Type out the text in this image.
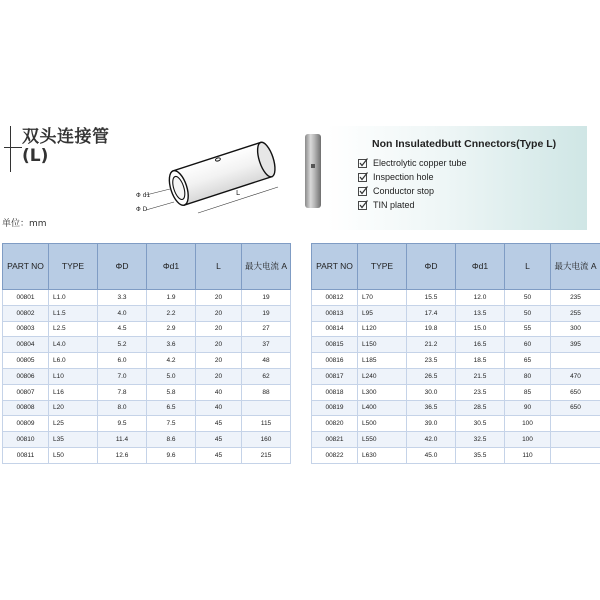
双头连接管
(L)
单位：mm
Φ d1
Φ D
L
Non Insulatedbutt Cnnectors(Type L)
Electrolytic copper tube
Inspection hole
Conductor stop
TIN plated
PART NO	TYPE	ΦD	Φd1	L	最大电流 A
00801	L1.0	3.3	1.9	20	19
00802	L1.5	4.0	2.2	20	19
00803	L2.5	4.5	2.9	20	27
00804	L4.0	5.2	3.6	20	37
00805	L6.0	6.0	4.2	20	48
00806	L10	7.0	5.0	20	62
00807	L16	7.8	5.8	40	88
00808	L20	8.0	6.5	40	
00809	L25	9.5	7.5	45	115
00810	L35	11.4	8.6	45	160
00811	L50	12.6	9.6	45	215
PART NO	TYPE	ΦD	Φd1	L	最大电流 A
00812	L70	15.5	12.0	50	235
00813	L95	17.4	13.5	50	255
00814	L120	19.8	15.0	55	300
00815	L150	21.2	16.5	60	395
00816	L185	23.5	18.5	65	
00817	L240	26.5	21.5	80	470
00818	L300	30.0	23.5	85	650
00819	L400	36.5	28.5	90	650
00820	L500	39.0	30.5	100	
00821	L550	42.0	32.5	100	
00822	L630	45.0	35.5	110	
